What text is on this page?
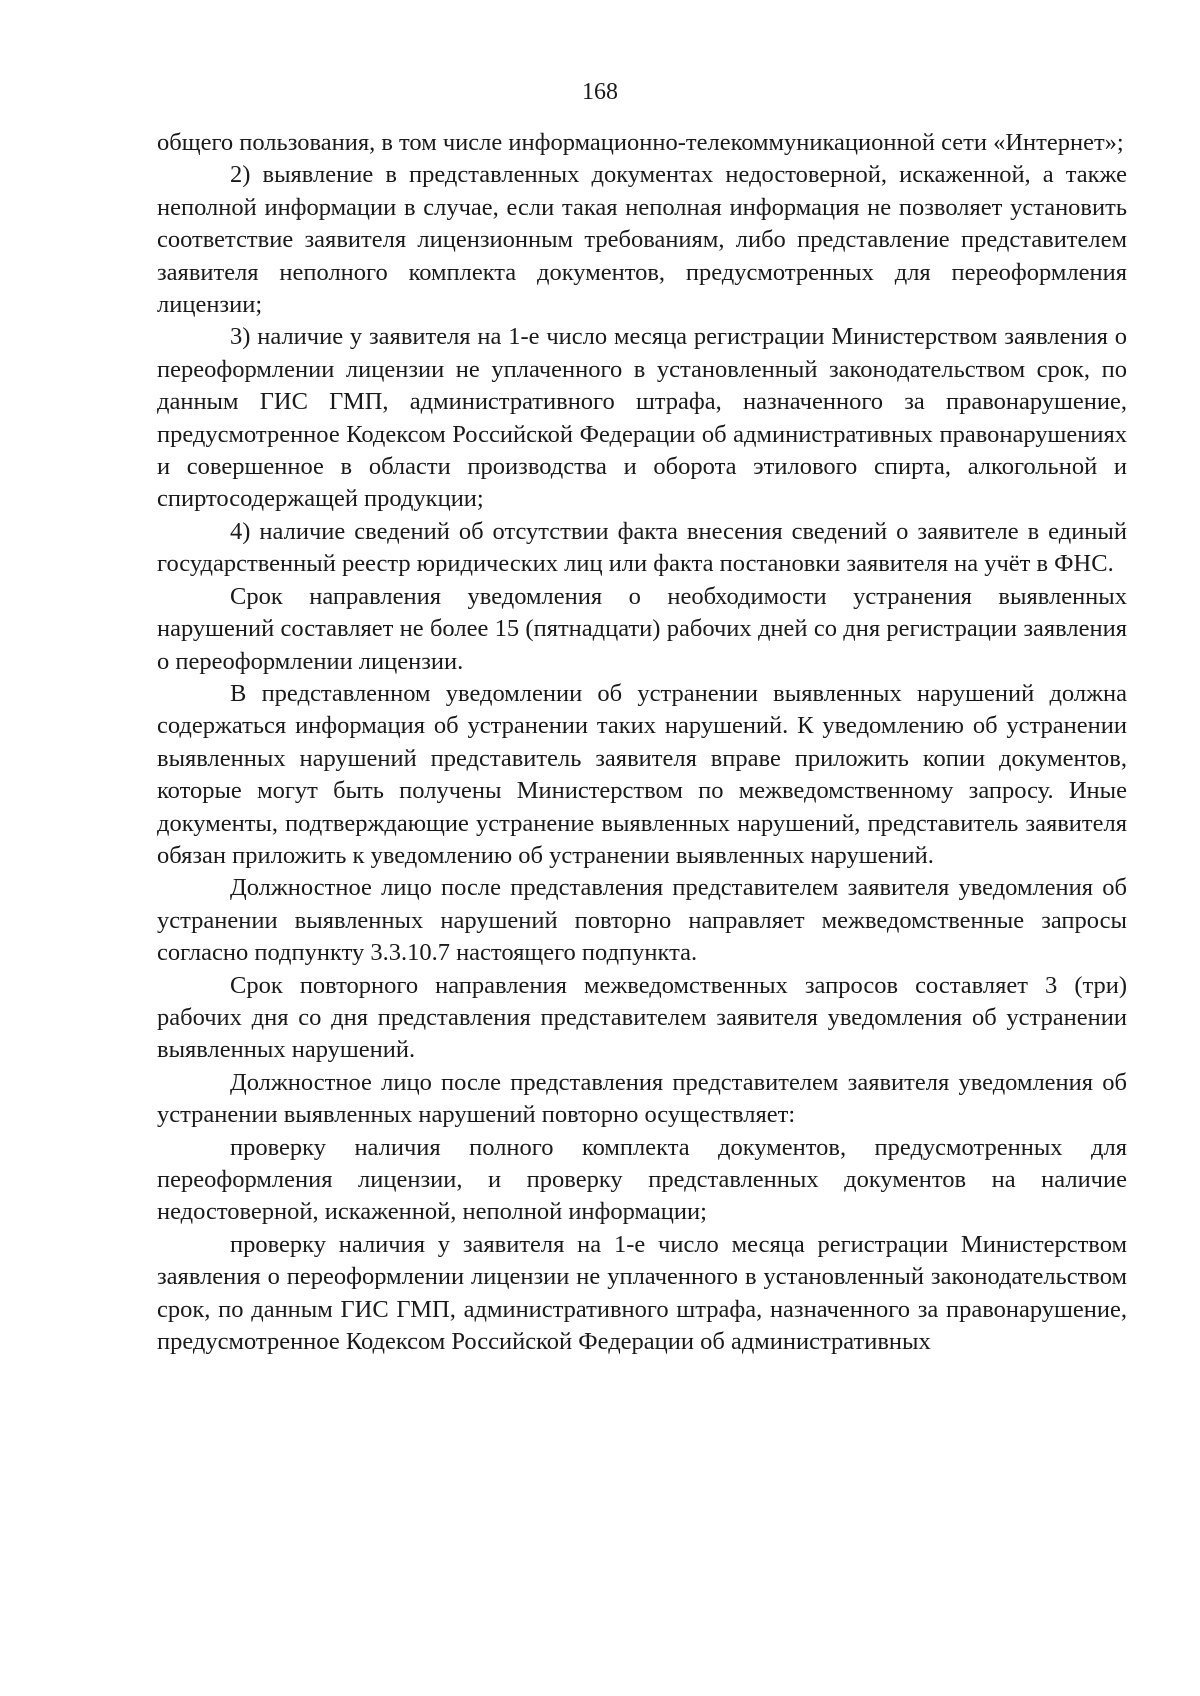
168

общего пользования, в том числе информационно-телекоммуникационной сети «Интернет»;

2) выявление в представленных документах недостоверной, искаженной, а также неполной информации в случае, если такая неполная информация не позволяет установить соответствие заявителя лицензионным требованиям, либо представление представителем заявителя неполного комплекта документов, предусмотренных для переоформления лицензии;

3) наличие у заявителя на 1-е число месяца регистрации Министерством заявления о переоформлении лицензии не уплаченного в установленный законодательством срок, по данным ГИС ГМП, административного штрафа, назначенного за правонарушение, предусмотренное Кодексом Российской Федерации об административных правонарушениях и совершенное в области производства и оборота этилового спирта, алкогольной и спиртосодержащей продукции;

4) наличие сведений об отсутствии факта внесения сведений о заявителе в единый государственный реестр юридических лиц или факта постановки заявителя на учёт в ФНС.

Срок направления уведомления о необходимости устранения выявленных нарушений составляет не более 15 (пятнадцати) рабочих дней со дня регистрации заявления о переоформлении лицензии.

В представленном уведомлении об устранении выявленных нарушений должна содержаться информация об устранении таких нарушений. К уведомлению об устранении выявленных нарушений представитель заявителя вправе приложить копии документов, которые могут быть получены Министерством по межведомственному запросу. Иные документы, подтверждающие устранение выявленных нарушений, представитель заявителя обязан приложить к уведомлению об устранении выявленных нарушений.

Должностное лицо после представления представителем заявителя уведомления об устранении выявленных нарушений повторно направляет межведомственные запросы согласно подпункту 3.3.10.7 настоящего подпункта.

Срок повторного направления межведомственных запросов составляет 3 (три) рабочих дня со дня представления представителем заявителя уведомления об устранении выявленных нарушений.

Должностное лицо после представления представителем заявителя уведомления об устранении выявленных нарушений повторно осуществляет:

проверку наличия полного комплекта документов, предусмотренных для переоформления лицензии, и проверку представленных документов на наличие недостоверной, искаженной, неполной информации;

проверку наличия у заявителя на 1-е число месяца регистрации Министерством заявления о переоформлении лицензии не уплаченного в установленный законодательством срок, по данным ГИС ГМП, административного штрафа, назначенного за правонарушение, предусмотренное Кодексом Российской Федерации об административных
